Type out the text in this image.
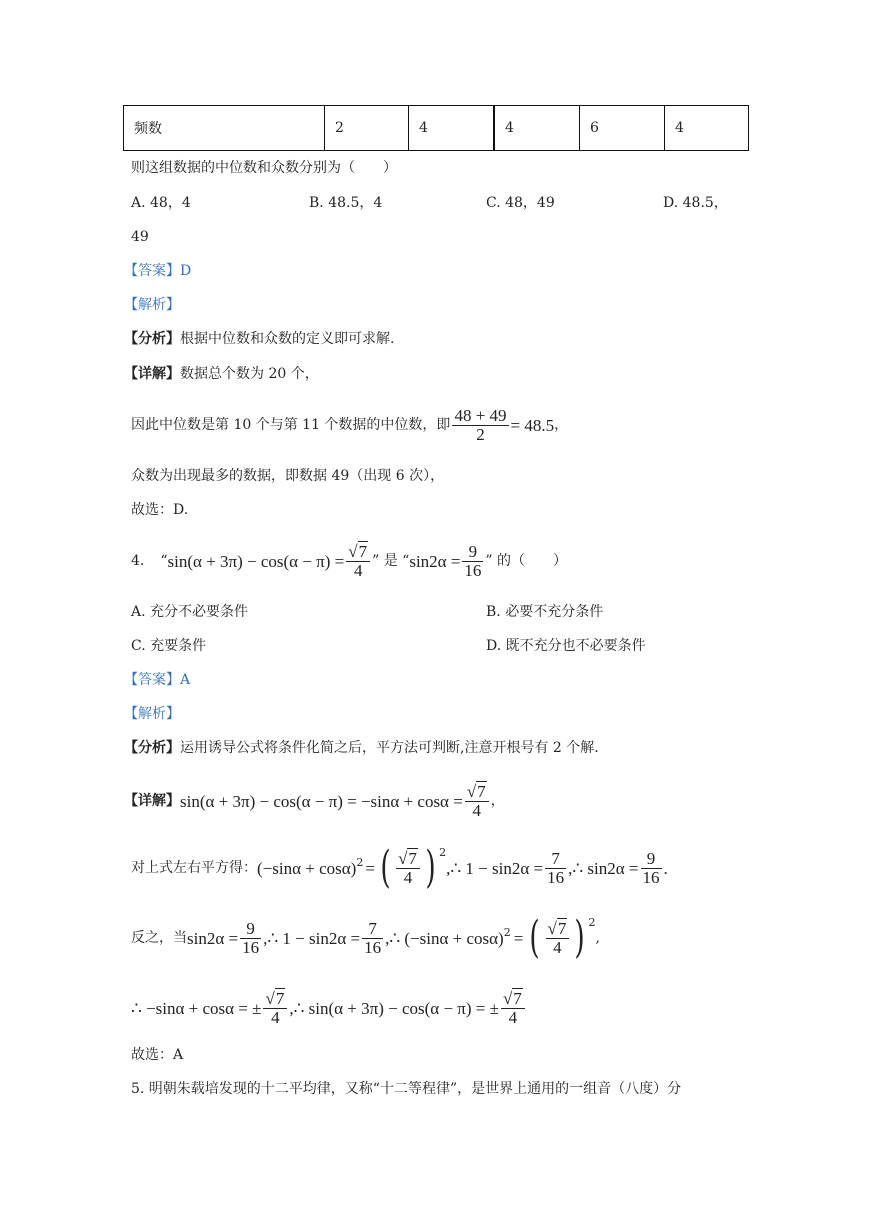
频数	2	4	4	6	4
则这组数据的中位数和众数分别为（　　）
A. 48，4	B. 48.5，4	C. 48，49	D. 48.5，
49
【答案】D
【解析】
【分析】根据中位数和众数的定义即可求解.
【详解】数据总个数为 20 个，
因此中位数是第 10 个与第 11 个数据的中位数，即 $\frac{48 + 49}{2} = 48.5$ ，
众数为出现最多的数据，即数据 49（出现 6 次），
故选：D.
4. “ $\sin(\alpha + 3\pi) - \cos(\alpha - \pi) = \frac{√7}{4}$ ” 是 “ $\sin 2\alpha = \frac{9}{16}$ ” 的（　　）
A. 充分不必要条件	B. 必要不充分条件
C. 充要条件	D. 既不充分也不必要条件
【答案】A
【解析】
【分析】运用诱导公式将条件化简之后，平方法可判断,注意开根号有 2 个解.
【详解】 $\sin(\alpha + 3\pi) - \cos(\alpha - \pi) = -\sin\alpha + \cos\alpha = \frac{√7}{4}$ ，
对上式左右平方得： $(-\sin\alpha + \cos\alpha)^2$ = ( $\frac{√7}{4}$ ) $^2$
,∴ $1 - \sin 2\alpha = \frac{7}{16}$ ,∴ $\sin 2\alpha = \frac{9}{16}$ .
反之，当 $\sin 2\alpha = \frac{9}{16}$ ,∴ $1 - \sin 2\alpha = \frac{7}{16}$ ,∴ $(-\sin\alpha + \cos\alpha)^2$ = ( $\frac{√7}{4}$ ) $^2$
,
∴ −sinα + cosα = ± $\frac{√7}{4}$ ,∴ sin(α + 3π) − cos(α − π) = ± $\frac{√7}{4}$
故选：A
5. 明朝朱载培发现的十二平均律，又称“十二等程律”，是世界上通用的一组音（八度）分
